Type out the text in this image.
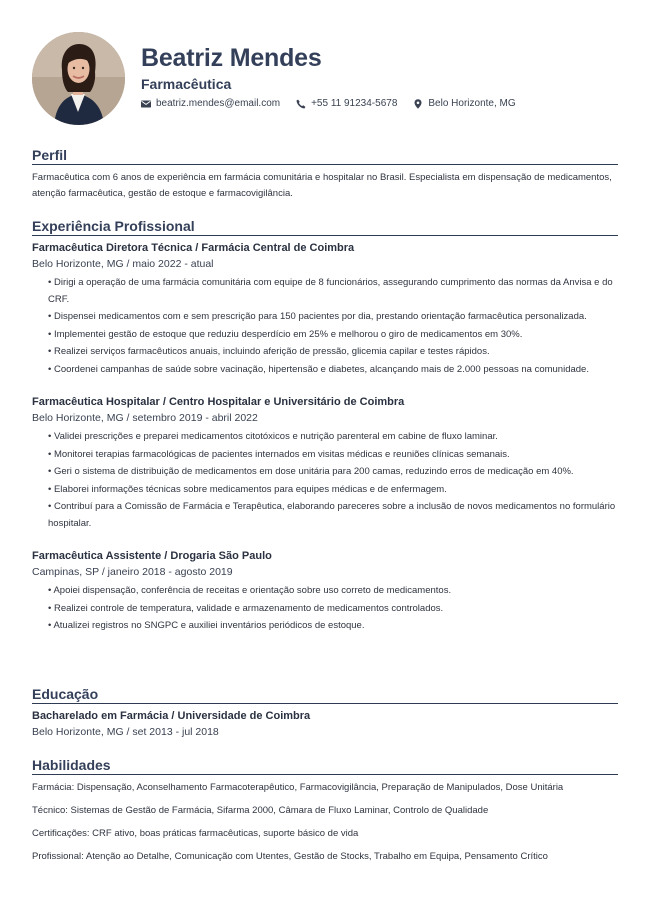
Beatriz Mendes
Farmacêutica
beatriz.mendes@email.com	+55 11 91234-5678	Belo Horizonte, MG
Perfil
Farmacêutica com 6 anos de experiência em farmácia comunitária e hospitalar no Brasil. Especialista em dispensação de medicamentos, atenção farmacêutica, gestão de estoque e farmacovigilância.
Experiência Profissional
Farmacêutica Diretora Técnica / Farmácia Central de Coimbra
Belo Horizonte, MG / maio 2022 - atual
• Dirigi a operação de uma farmácia comunitária com equipe de 8 funcionários, assegurando cumprimento das normas da Anvisa e do CRF.
• Dispensei medicamentos com e sem prescrição para 150 pacientes por dia, prestando orientação farmacêutica personalizada.
• Implementei gestão de estoque que reduziu desperdício em 25% e melhorou o giro de medicamentos em 30%.
• Realizei serviços farmacêuticos anuais, incluindo aferição de pressão, glicemia capilar e testes rápidos.
• Coordenei campanhas de saúde sobre vacinação, hipertensão e diabetes, alcançando mais de 2.000 pessoas na comunidade.
Farmacêutica Hospitalar / Centro Hospitalar e Universitário de Coimbra
Belo Horizonte, MG / setembro 2019 - abril 2022
• Validei prescrições e preparei medicamentos citotóxicos e nutrição parenteral em cabine de fluxo laminar.
• Monitorei terapias farmacológicas de pacientes internados em visitas médicas e reuniões clínicas semanais.
• Geri o sistema de distribuição de medicamentos em dose unitária para 200 camas, reduzindo erros de medicação em 40%.
• Elaborei informações técnicas sobre medicamentos para equipes médicas e de enfermagem.
• Contribuí para a Comissão de Farmácia e Terapêutica, elaborando pareceres sobre a inclusão de novos medicamentos no formulário hospitalar.
Farmacêutica Assistente / Drogaria São Paulo
Campinas, SP / janeiro 2018 - agosto 2019
• Apoiei dispensação, conferência de receitas e orientação sobre uso correto de medicamentos.
• Realizei controle de temperatura, validade e armazenamento de medicamentos controlados.
• Atualizei registros no SNGPC e auxiliei inventários periódicos de estoque.
Educação
Bacharelado em Farmácia / Universidade de Coimbra
Belo Horizonte, MG / set 2013 - jul 2018
Habilidades
Farmácia: Dispensação, Aconselhamento Farmacoterapêutico, Farmacovigilância, Preparação de Manipulados, Dose Unitária
Técnico: Sistemas de Gestão de Farmácia, Sifarma 2000, Câmara de Fluxo Laminar, Controlo de Qualidade
Certificações: CRF ativo, boas práticas farmacêuticas, suporte básico de vida
Profissional: Atenção ao Detalhe, Comunicação com Utentes, Gestão de Stocks, Trabalho em Equipa, Pensamento Crítico
